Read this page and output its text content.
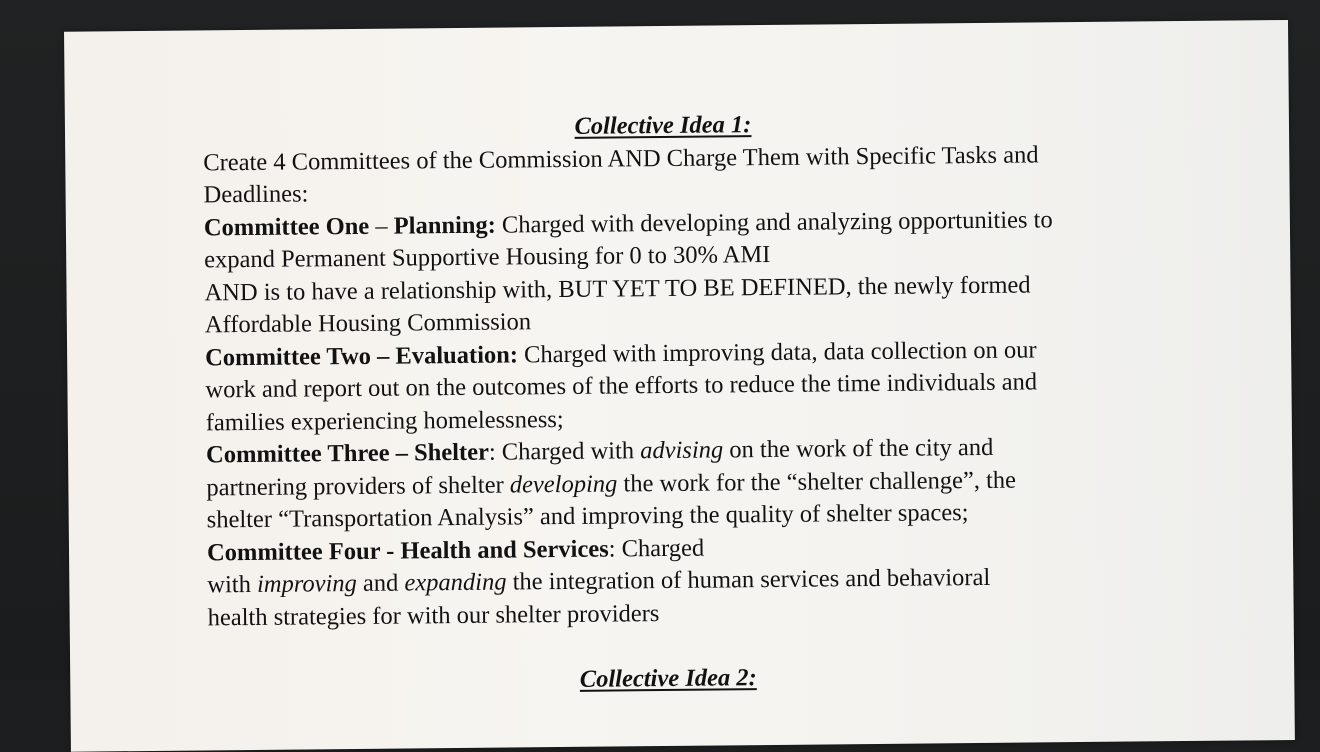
Collective Idea 1:
Create 4 Committees of the Commission AND Charge Them with Specific Tasks and
Deadlines:
Committee One – Planning: Charged with developing and analyzing opportunities to
expand Permanent Supportive Housing for 0 to 30% AMI
AND is to have a relationship with, BUT YET TO BE DEFINED, the newly formed
Affordable Housing Commission
Committee Two – Evaluation: Charged with improving data, data collection on our
work and report out on the outcomes of the efforts to reduce the time individuals and
families experiencing homelessness;
Committee Three – Shelter: Charged with advising on the work of the city and
partnering providers of shelter developing the work for the “shelter challenge”, the
shelter “Transportation Analysis” and improving the quality of shelter spaces;
Committee Four - Health and Services: Charged
with improving and expanding the integration of human services and behavioral
health strategies for with our shelter providers
Collective Idea 2:
